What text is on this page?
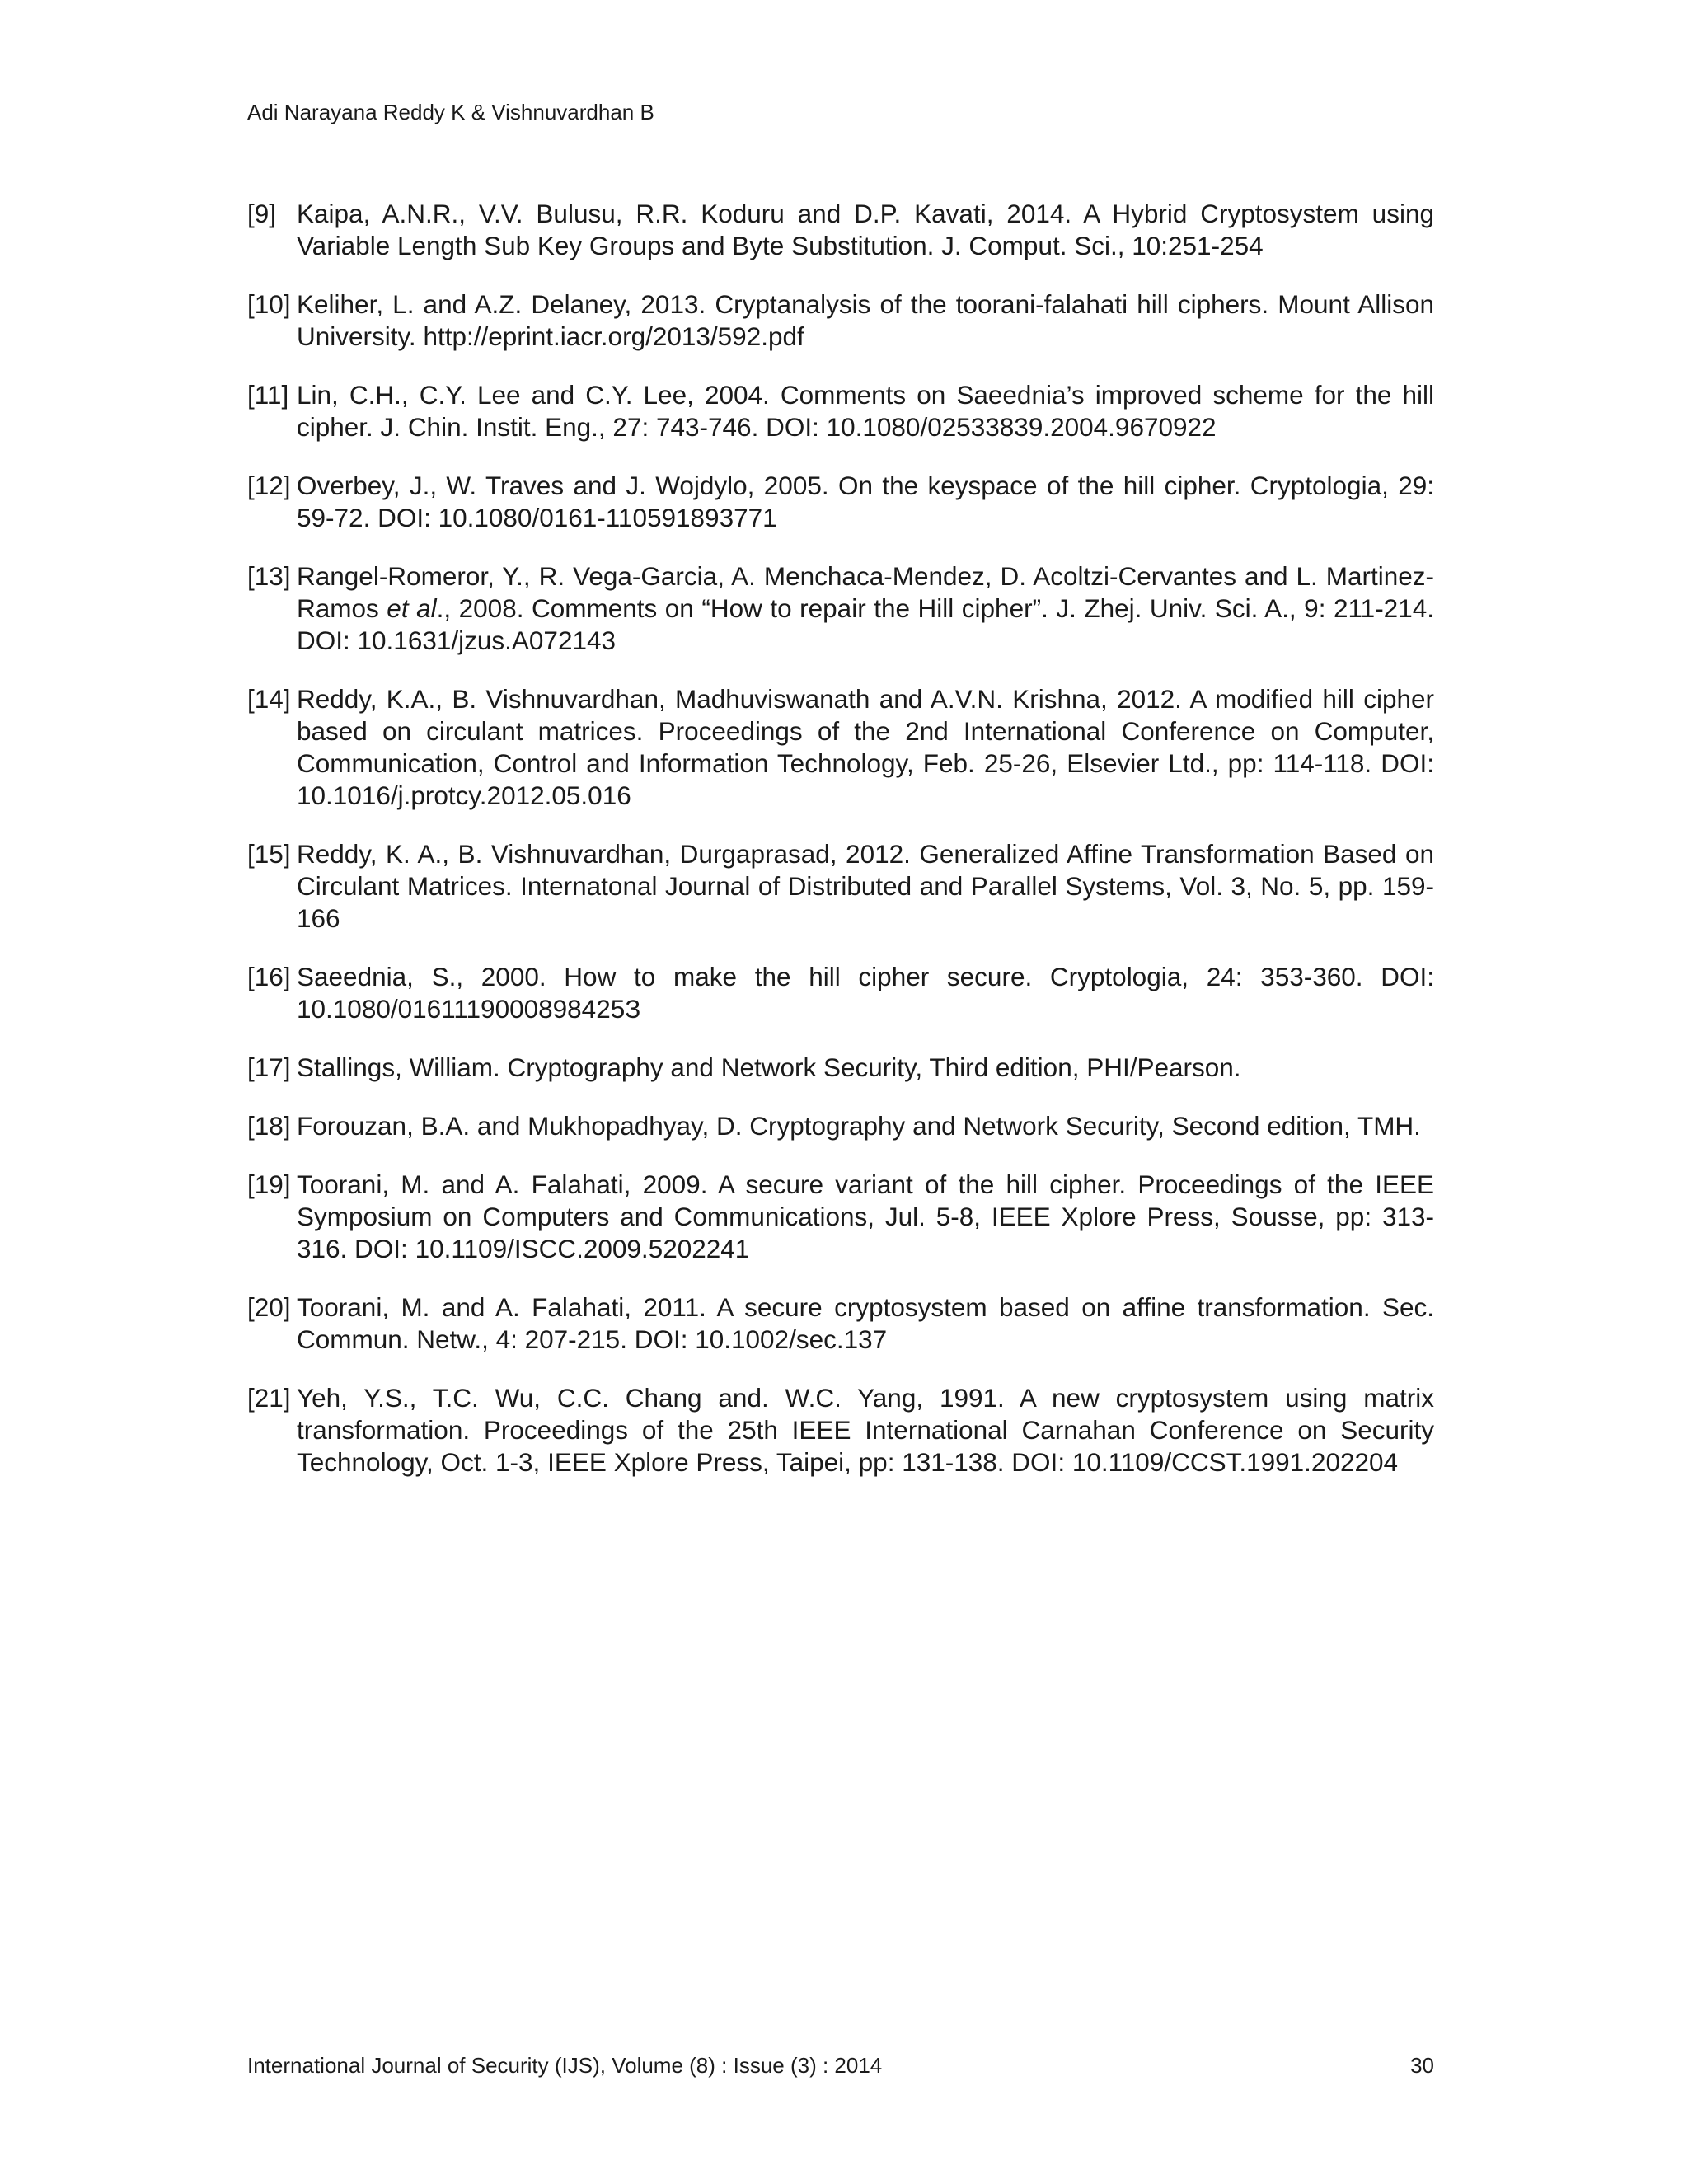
Adi Narayana Reddy K & Vishnuvardhan B
[9] Kaipa, A.N.R., V.V. Bulusu, R.R. Koduru and D.P. Kavati, 2014. A Hybrid Cryptosystem using Variable Length Sub Key Groups and Byte Substitution. J. Comput. Sci., 10:251-254
[10] Keliher, L. and A.Z. Delaney, 2013. Cryptanalysis of the toorani-falahati hill ciphers. Mount Allison University. http://eprint.iacr.org/2013/592.pdf
[11] Lin, C.H., C.Y. Lee and C.Y. Lee, 2004. Comments on Saeednia’s improved scheme for the hill cipher. J. Chin. Instit. Eng., 27: 743-746. DOI: 10.1080/02533839.2004.9670922
[12] Overbey, J., W. Traves and J. Wojdylo, 2005. On the keyspace of the hill cipher. Cryptologia, 29: 59-72. DOI: 10.1080/0161-110591893771
[13] Rangel-Romeror, Y., R. Vega-Garcia, A. Menchaca-Mendez, D. Acoltzi-Cervantes and L. Martinez-Ramos et al., 2008. Comments on “How to repair the Hill cipher”. J. Zhej. Univ. Sci. A., 9: 211-214. DOI: 10.1631/jzus.A072143
[14] Reddy, K.A., B. Vishnuvardhan, Madhuviswanath and A.V.N. Krishna, 2012. A modified hill cipher based on circulant matrices. Proceedings of the 2nd International Conference on Computer, Communication, Control and Information Technology, Feb. 25-26, Elsevier Ltd., pp: 114-118. DOI: 10.1016/j.protcy.2012.05.016
[15] Reddy, K. A., B. Vishnuvardhan, Durgaprasad, 2012. Generalized Affine Transformation Based on Circulant Matrices. Internatonal Journal of Distributed and Parallel Systems, Vol. 3, No. 5, pp. 159-166
[16] Saeednia, S., 2000. How to make the hill cipher secure. Cryptologia, 24: 353-360. DOI: 10.1080/0161119000898425З
[17] Stallings, William. Cryptography and Network Security, Third edition, PHI/Pearson.
[18] Forouzan, B.A. and Mukhopadhyay, D. Cryptography and Network Security, Second edition, TMH.
[19] Toorani, M. and A. Falahati, 2009. A secure variant of the hill cipher. Proceedings of the IEEE Symposium on Computers and Communications, Jul. 5-8, IEEE Xplore Press, Sousse, pp: 313-316. DOI: 10.1109/ISCC.2009.5202241
[20] Toorani, M. and A. Falahati, 2011. A secure cryptosystem based on affine transformation. Sec. Commun. Netw., 4: 207-215. DOI: 10.1002/sec.137
[21] Yeh, Y.S., T.C. Wu, C.C. Chang and. W.C. Yang, 1991. A new cryptosystem using matrix transformation. Proceedings of the 25th IEEE International Carnahan Conference on Security Technology, Oct. 1-3, IEEE Xplore Press, Taipei, pp: 131-138. DOI: 10.1109/CCST.1991.202204
International Journal of Security (IJS), Volume (8) : Issue (3) : 2014	30
